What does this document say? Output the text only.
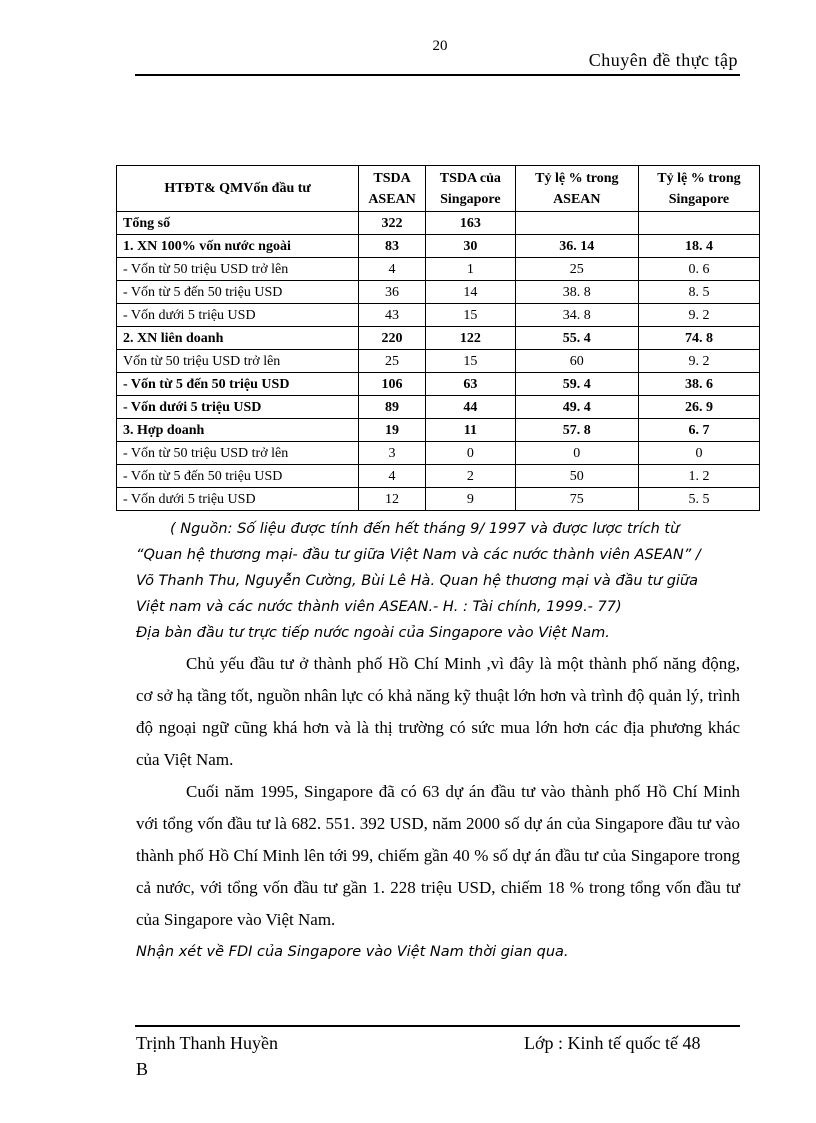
20
Chuyên đề thực tập
HTĐT& QMVốn đầu tư	TSDA ASEAN	TSDA của Singapore	Tỷ lệ % trong ASEAN	Tỷ lệ % trong Singapore
Tổng số	322	163		
1. XN 100% vốn nước ngoài	83	30	36. 14	18. 4
- Vốn từ 50 triệu USD trở lên	4	1	25	0. 6
- Vốn từ 5 đến 50 triệu USD	36	14	38. 8	8. 5
- Vốn dưới 5 triệu USD	43	15	34. 8	9. 2
2. XN liên doanh	220	122	55. 4	74. 8
Vốn từ 50 triệu USD trở lên	25	15	60	9. 2
- Vốn từ 5 đến 50 triệu USD	106	63	59. 4	38. 6
- Vốn dưới 5 triệu USD	89	44	49. 4	26. 9
3. Hợp doanh	19	11	57. 8	6. 7
- Vốn từ 50 triệu USD trở lên	3	0	0	0
- Vốn từ 5 đến 50 triệu USD	4	2	50	1. 2
- Vốn dưới 5 triệu USD	12	9	75	5. 5

( Nguồn: Số liệu được tính đến hết tháng 9/ 1997 và được lược trích từ

“Quan hệ thương mại- đầu tư giữa Việt Nam và các nước thành viên ASEAN” /

Võ Thanh Thu, Nguyễn Cường, Bùi Lê Hà. Quan hệ thương mại và đầu tư giữa

Việt nam và các nước thành viên ASEAN.- H. : Tài chính, 1999.- 77)

Địa bàn đầu tư trực tiếp nước ngoài của Singapore vào Việt Nam.

Chủ yếu đầu tư ở thành phố Hồ Chí Minh ,vì đây là một thành phố năng động, cơ sở hạ tầng tốt, nguồn nhân lực có khả năng kỹ thuật lớn hơn và trình độ quản lý, trình độ ngoại ngữ cũng khá hơn và là thị trường có sức mua lớn hơn các địa phương khác của Việt Nam.

Cuối năm 1995, Singapore đã có 63 dự án đầu tư vào thành phố Hồ Chí Minh với tổng vốn đầu tư là 682. 551. 392 USD, năm 2000 số dự án của Singapore đầu tư vào thành phố Hồ Chí Minh lên tới 99, chiếm gần 40 % số dự án đầu tư của Singapore trong cả nước, với tổng vốn đầu tư gần 1. 228 triệu USD, chiếm 18 % trong tổng vốn đầu tư của Singapore vào Việt Nam.

Nhận xét về FDI của Singapore vào Việt Nam thời gian qua.

Trịnh Thanh Huyền
B
Lớp : Kinh tế quốc tế 48
